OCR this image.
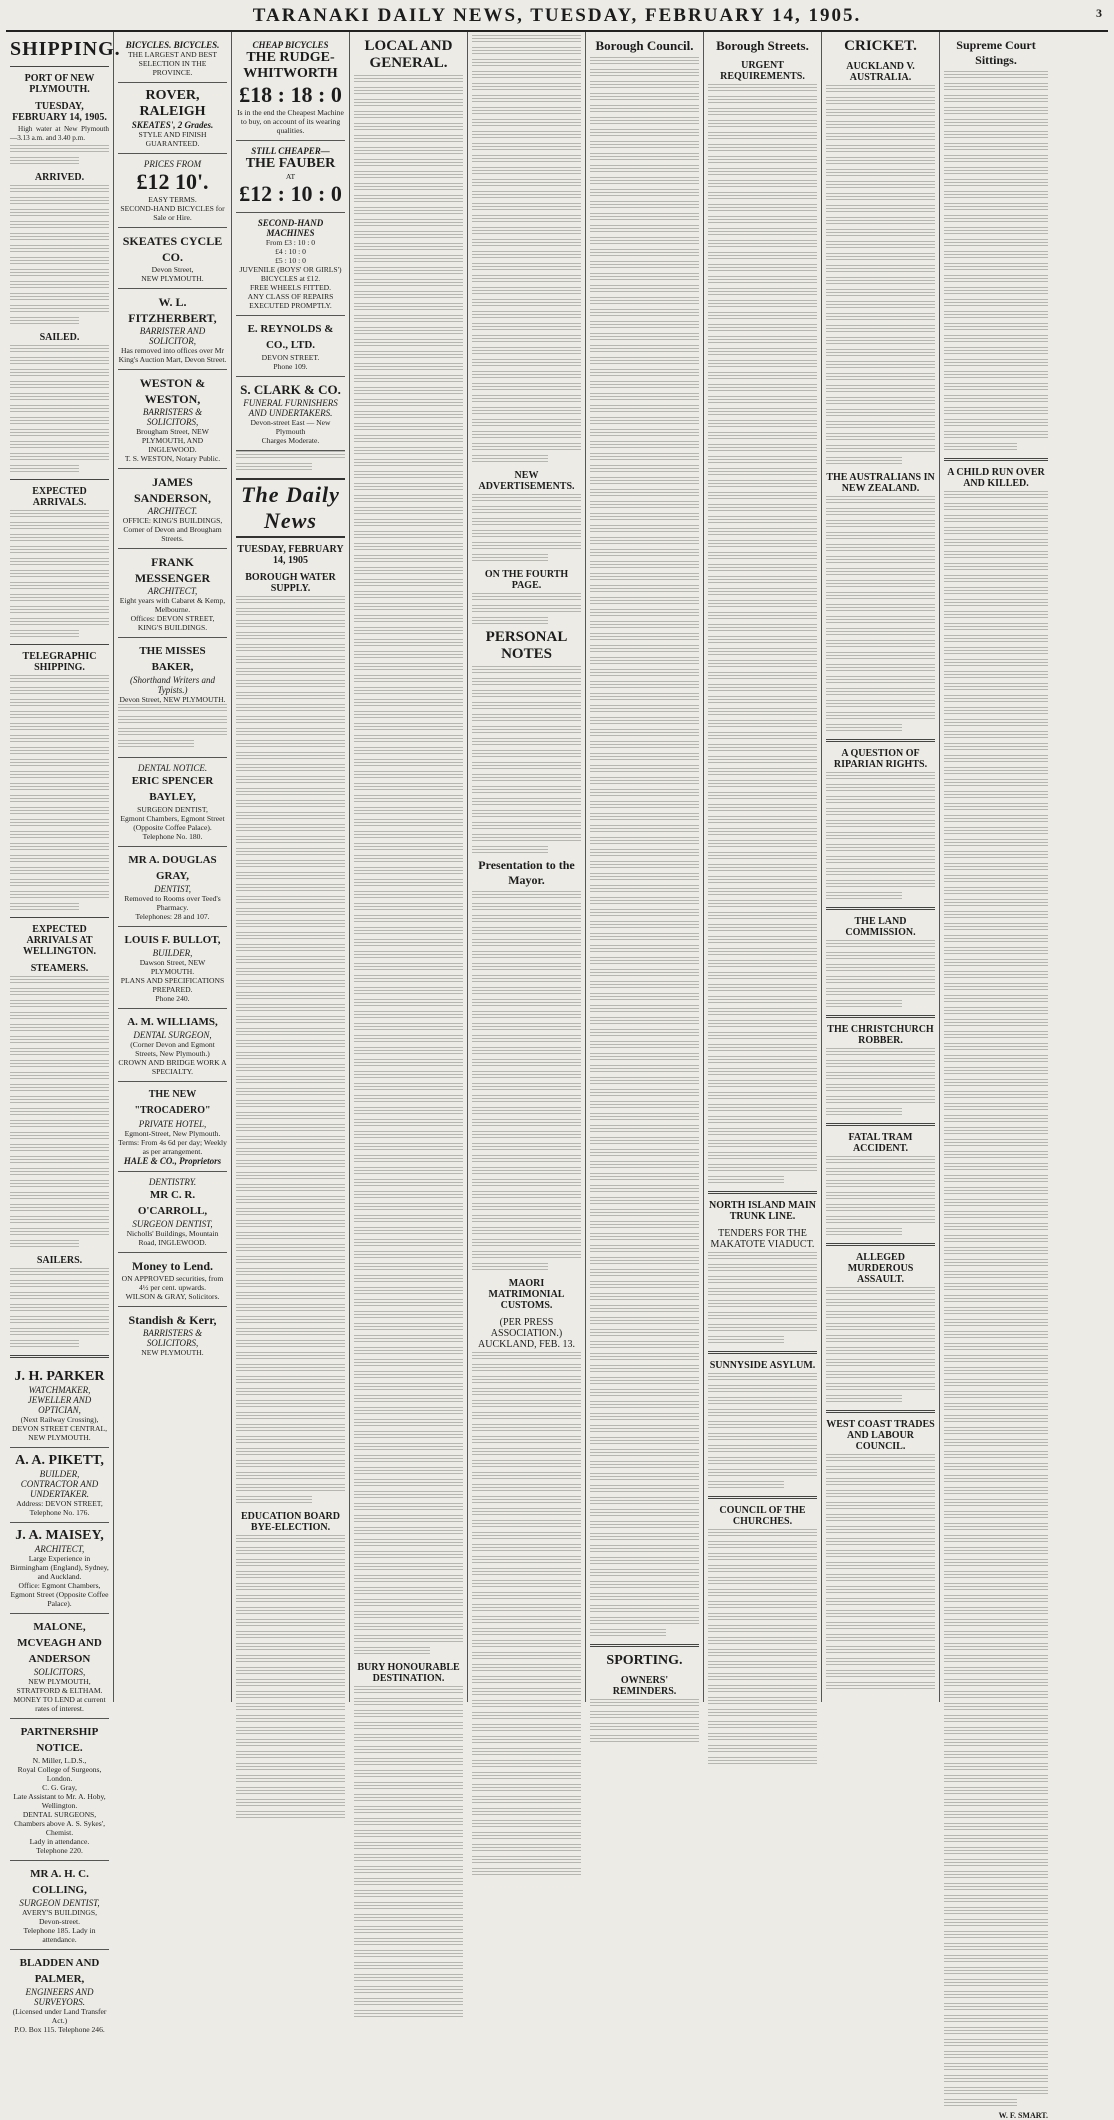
TARANAKI DAILY NEWS, TUESDAY, FEBRUARY 14, 1905.	3
SHIPPING.
PORT OF NEW PLYMOUTH.
TUESDAY, FEBRUARY 14, 1905.

High water at New Plymouth—3.13 a.m. and 3.40 p.m.

ARRIVED.
SAILED.
EXPECTED ARRIVALS.
TELEGRAPHIC SHIPPING.
EXPECTED ARRIVALS AT WELLINGTON.
STEAMERS.
SAILERS.
J. H. PARKER
WATCHMAKER, JEWELLER AND OPTICIAN,
(Next Railway Crossing),
DEVON STREET CENTRAL,
NEW PLYMOUTH.
A. A. PIKETT,
BUILDER, CONTRACTOR AND UNDERTAKER.
Address: DEVON STREET,
Telephone No. 176.
J. A. MAISEY,
ARCHITECT,
Large Experience in Birmingham (England), Sydney, and Auckland.
Office: Egmont Chambers, Egmont Street (Opposite Coffee Palace).
MALONE, MCVEAGH AND ANDERSON
SOLICITORS,
NEW PLYMOUTH, STRATFORD & ELTHAM.
MONEY TO LEND at current rates of interest.
PARTNERSHIP NOTICE.
N. Miller, L.D.S.,
Royal College of Surgeons, London.
C. G. Gray,
Late Assistant to Mr. A. Hoby, Wellington.
DENTAL SURGEONS,
Chambers above A. S. Sykes', Chemist.
Lady in attendance.
Telephone 220.
MR A. H. C. COLLING,
SURGEON DENTIST,
AVERY'S BUILDINGS,
Devon-street.
Telephone 185. Lady in attendance.
BLADDEN AND PALMER,
ENGINEERS AND SURVEYORS.
(Licensed under Land Transfer Act.)
P.O. Box 115. Telephone 246.
BICYCLES. BICYCLES.
THE LARGEST AND BEST SELECTION IN THE PROVINCE.
ROVER, RALEIGH
SKEATES', 2 Grades.
STYLE AND FINISH GUARANTEED.
PRICES FROM
£12 10'.
EASY TERMS.
SECOND-HAND BICYCLES for Sale or Hire.
SKEATES CYCLE CO.
Devon Street,
NEW PLYMOUTH.
W. L. FITZHERBERT,
BARRISTER AND SOLICITOR,
Has removed into offices over Mr King's Auction Mart, Devon Street.
WESTON & WESTON,
BARRISTERS & SOLICITORS,
Brougham Street, NEW PLYMOUTH, AND INGLEWOOD.
T. S. WESTON, Notary Public.
JAMES SANDERSON,
ARCHITECT.
OFFICE: KING'S BUILDINGS, Corner of Devon and Brougham Streets.
FRANK MESSENGER
ARCHITECT,
Eight years with Cabaret & Kemp, Melbourne.
Offices: DEVON STREET, KING'S BUILDINGS.
THE MISSES BAKER,
(Shorthand Writers and Typists.)
Devon Street, NEW PLYMOUTH.
DENTAL NOTICE.
ERIC SPENCER BAYLEY,
SURGEON DENTIST,
Egmont Chambers, Egmont Street (Opposite Coffee Palace).
Telephone No. 180.
MR A. DOUGLAS GRAY,
DENTIST,
Removed to Rooms over Teed's Pharmacy.
Telephones: 28 and 107.
LOUIS F. BULLOT,
BUILDER,
Dawson Street, NEW PLYMOUTH.
PLANS AND SPECIFICATIONS PREPARED.
Phone 240.
A. M. WILLIAMS,
DENTAL SURGEON,
(Corner Devon and Egmont Streets, New Plymouth.)
CROWN AND BRIDGE WORK A SPECIALTY.
THE NEW "TROCADERO"
PRIVATE HOTEL,
Egmont-Street, New Plymouth.
Terms: From 4s 6d per day; Weekly as per arrangement.
HALE & CO., Proprietors
DENTISTRY.
MR C. R. O'CARROLL,
SURGEON DENTIST,
Nicholls' Buildings, Mountain Road, INGLEWOOD.
Money to Lend.
ON APPROVED securities, from 4½ per cent. upwards.
WILSON & GRAY, Solicitors.
Standish & Kerr,
BARRISTERS & SOLICITORS,
NEW PLYMOUTH.
CHEAP BICYCLES
THE RUDGE-WHITWORTH
£18 : 18 : 0
Is in the end the Cheapest Machine to buy, on account of its wearing qualities.
STILL CHEAPER—
THE FAUBER
AT
£12 : 10 : 0
SECOND-HAND MACHINES
From £3 : 10 : 0
£4 : 10 : 0
£5 : 10 : 0
JUVENILE (BOYS' OR GIRLS') BICYCLES at £12.
FREE WHEELS FITTED.
ANY CLASS OF REPAIRS EXECUTED PROMPTLY.
E. REYNOLDS & CO., LTD.
DEVON STREET.
Phone 109.
S. CLARK & CO.
FUNERAL FURNISHERS AND UNDERTAKERS.
Devon-street East — New Plymouth
Charges Moderate.
The Daily News
TUESDAY, FEBRUARY 14, 1905
BOROUGH WATER SUPPLY.
EDUCATION BOARD BYE-ELECTION.
LOCAL AND GENERAL.
BURY HONOURABLE DESTINATION.
NEW ADVERTISEMENTS.
ON THE FOURTH PAGE.
PERSONAL NOTES
Presentation to the Mayor.
MAORI MATRIMONIAL CUSTOMS.
(PER PRESS ASSOCIATION.) AUCKLAND, FEB. 13.
Borough Council.
SPORTING.
OWNERS' REMINDERS.
Borough Streets.
URGENT REQUIREMENTS.
NORTH ISLAND MAIN TRUNK LINE.
TENDERS FOR THE MAKATOTE VIADUCT.
SUNNYSIDE ASYLUM.
COUNCIL OF THE CHURCHES.
CRICKET.
AUCKLAND V. AUSTRALIA.
THE AUSTRALIANS IN NEW ZEALAND.
A QUESTION OF RIPARIAN RIGHTS.
THE LAND COMMISSION.
THE CHRISTCHURCH ROBBER.
FATAL TRAM ACCIDENT.
ALLEGED MURDEROUS ASSAULT.
WEST COAST TRADES AND LABOUR COUNCIL.
Supreme Court Sittings.
A CHILD RUN OVER AND KILLED.
W. F. SMART.
